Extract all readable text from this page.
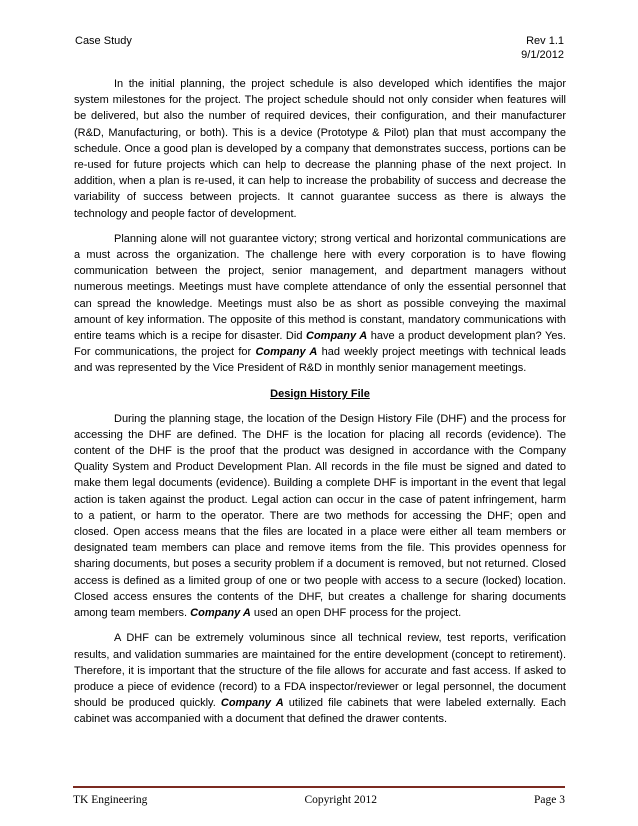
Case Study	Rev 1.1
9/1/2012

In the initial planning, the project schedule is also developed which identifies the major system milestones for the project. The project schedule should not only consider when features will be delivered, but also the number of required devices, their configuration, and their manufacturer (R&D, Manufacturing, or both). This is a device (Prototype & Pilot) plan that must accompany the schedule. Once a good plan is developed by a company that demonstrates success, portions can be re-used for future projects which can help to decrease the planning phase of the next project. In addition, when a plan is re-used, it can help to increase the probability of success and decrease the variability of success between projects. It cannot guarantee success as there is always the technology and people factor of development.

Planning alone will not guarantee victory; strong vertical and horizontal communications are a must across the organization. The challenge here with every corporation is to have flowing communication between the project, senior management, and department managers without numerous meetings. Meetings must have complete attendance of only the essential personnel that can spread the knowledge. Meetings must also be as short as possible conveying the maximal amount of key information. The opposite of this method is constant, mandatory communications with entire teams which is a recipe for disaster. Did Company A have a product development plan? Yes. For communications, the project for Company A had weekly project meetings with technical leads and was represented by the Vice President of R&D in monthly senior management meetings.

Design History File

During the planning stage, the location of the Design History File (DHF) and the process for accessing the DHF are defined. The DHF is the location for placing all records (evidence). The content of the DHF is the proof that the product was designed in accordance with the Company Quality System and Product Development Plan. All records in the file must be signed and dated to make them legal documents (evidence). Building a complete DHF is important in the event that legal action is taken against the product. Legal action can occur in the case of patent infringement, harm to a patient, or harm to the operator. There are two methods for accessing the DHF; open and closed. Open access means that the files are located in a place were either all team members or designated team members can place and remove items from the file. This provides openness for sharing documents, but poses a security problem if a document is removed, but not returned. Closed access is defined as a limited group of one or two people with access to a secure (locked) location. Closed access ensures the contents of the DHF, but creates a challenge for sharing documents among team members. Company A used an open DHF process for the project.

A DHF can be extremely voluminous since all technical review, test reports, verification results, and validation summaries are maintained for the entire development (concept to retirement). Therefore, it is important that the structure of the file allows for accurate and fast access. If asked to produce a piece of evidence (record) to a FDA inspector/reviewer or legal personnel, the document should be produced quickly. Company A utilized file cabinets that were labeled externally. Each cabinet was accompanied with a document that defined the drawer contents.

TK Engineering	Copyright 2012	Page 3
